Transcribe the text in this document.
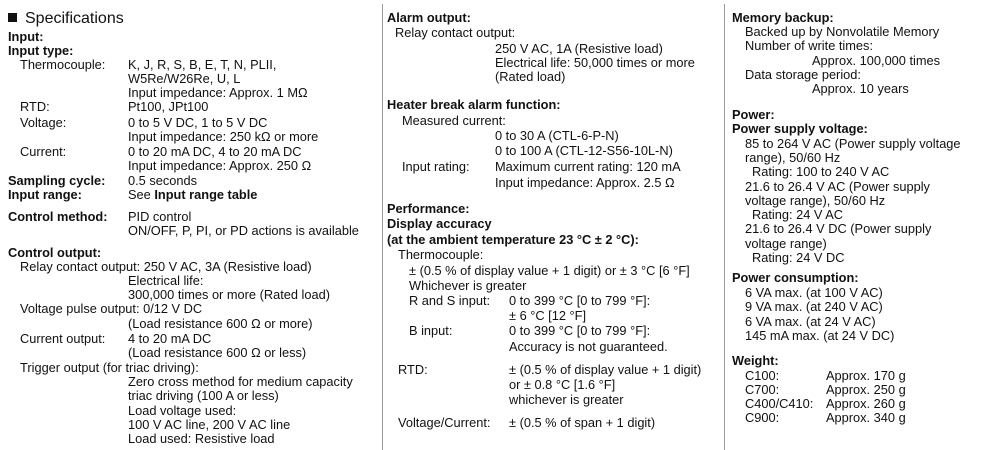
Specifications
Input:
Input type:
Thermocouple: K, J, R, S, B, E, T, N, PLII,
W5Re/W26Re, U, L
Input impedance: Approx. 1 MΩ
RTD:	Pt100, JPt100
Voltage:	0 to 5 V DC, 1 to 5 V DC
Input impedance: 250 kΩ or more
Current:	0 to 20 mA DC, 4 to 20 mA DC
Input impedance: Approx. 250 Ω
Sampling cycle: 0.5 seconds
Input range:	See Input range table
Control method: PID control
ON/OFF, P, PI, or PD actions is available
Control output:
Relay contact output: 250 V AC, 3A (Resistive load)
Electrical life:
300,000 times or more (Rated load)
Voltage pulse output: 0/12 V DC
(Load resistance 600 Ω or more)
Current output: 4 to 20 mA DC
(Load resistance 600 Ω or less)
Trigger output (for triac driving):
Zero cross method for medium capacity
triac driving (100 A or less)
Load voltage used:
100 V AC line, 200 V AC line
Load used: Resistive load
Alarm output:
Relay contact output:
250 V AC, 1A (Resistive load)
Electrical life: 50,000 times or more
(Rated load)
Heater break alarm function:
Measured current:
0 to 30 A (CTL-6-P-N)
0 to 100 A (CTL-12-S56-10L-N)
Input rating: Maximum current rating: 120 mA
Input impedance: Approx. 2.5 Ω
Performance:
Display accuracy
(at the ambient temperature 23 °C ± 2 °C):
Thermocouple:
± (0.5 % of display value + 1 digit) or ± 3 °C [6 °F]
Whichever is greater
R and S input: 0 to 399 °C [0 to 799 °F]:
± 6 °C [12 °F]
B input:	0 to 399 °C [0 to 799 °F]:
Accuracy is not guaranteed.
RTD:	± (0.5 % of display value + 1 digit)
or ± 0.8 °C [1.6 °F]
whichever is greater
Voltage/Current: ± (0.5 % of span + 1 digit)
Memory backup:
Backed up by Nonvolatile Memory
Number of write times:
Approx. 100,000 times
Data storage period:
Approx. 10 years
Power:
Power supply voltage:
85 to 264 V AC (Power supply voltage
range), 50/60 Hz
Rating: 100 to 240 V AC
21.6 to 26.4 V AC (Power supply
voltage range), 50/60 Hz
Rating: 24 V AC
21.6 to 26.4 V DC (Power supply
voltage range)
Rating: 24 V DC
Power consumption:
6 VA max. (at 100 V AC)
9 VA max. (at 240 V AC)
6 VA max. (at 24 V AC)
145 mA max. (at 24 V DC)
Weight:
C100:	Approx. 170 g
C700:	Approx. 250 g
C400/C410: Approx. 260 g
C900:	Approx. 340 g
